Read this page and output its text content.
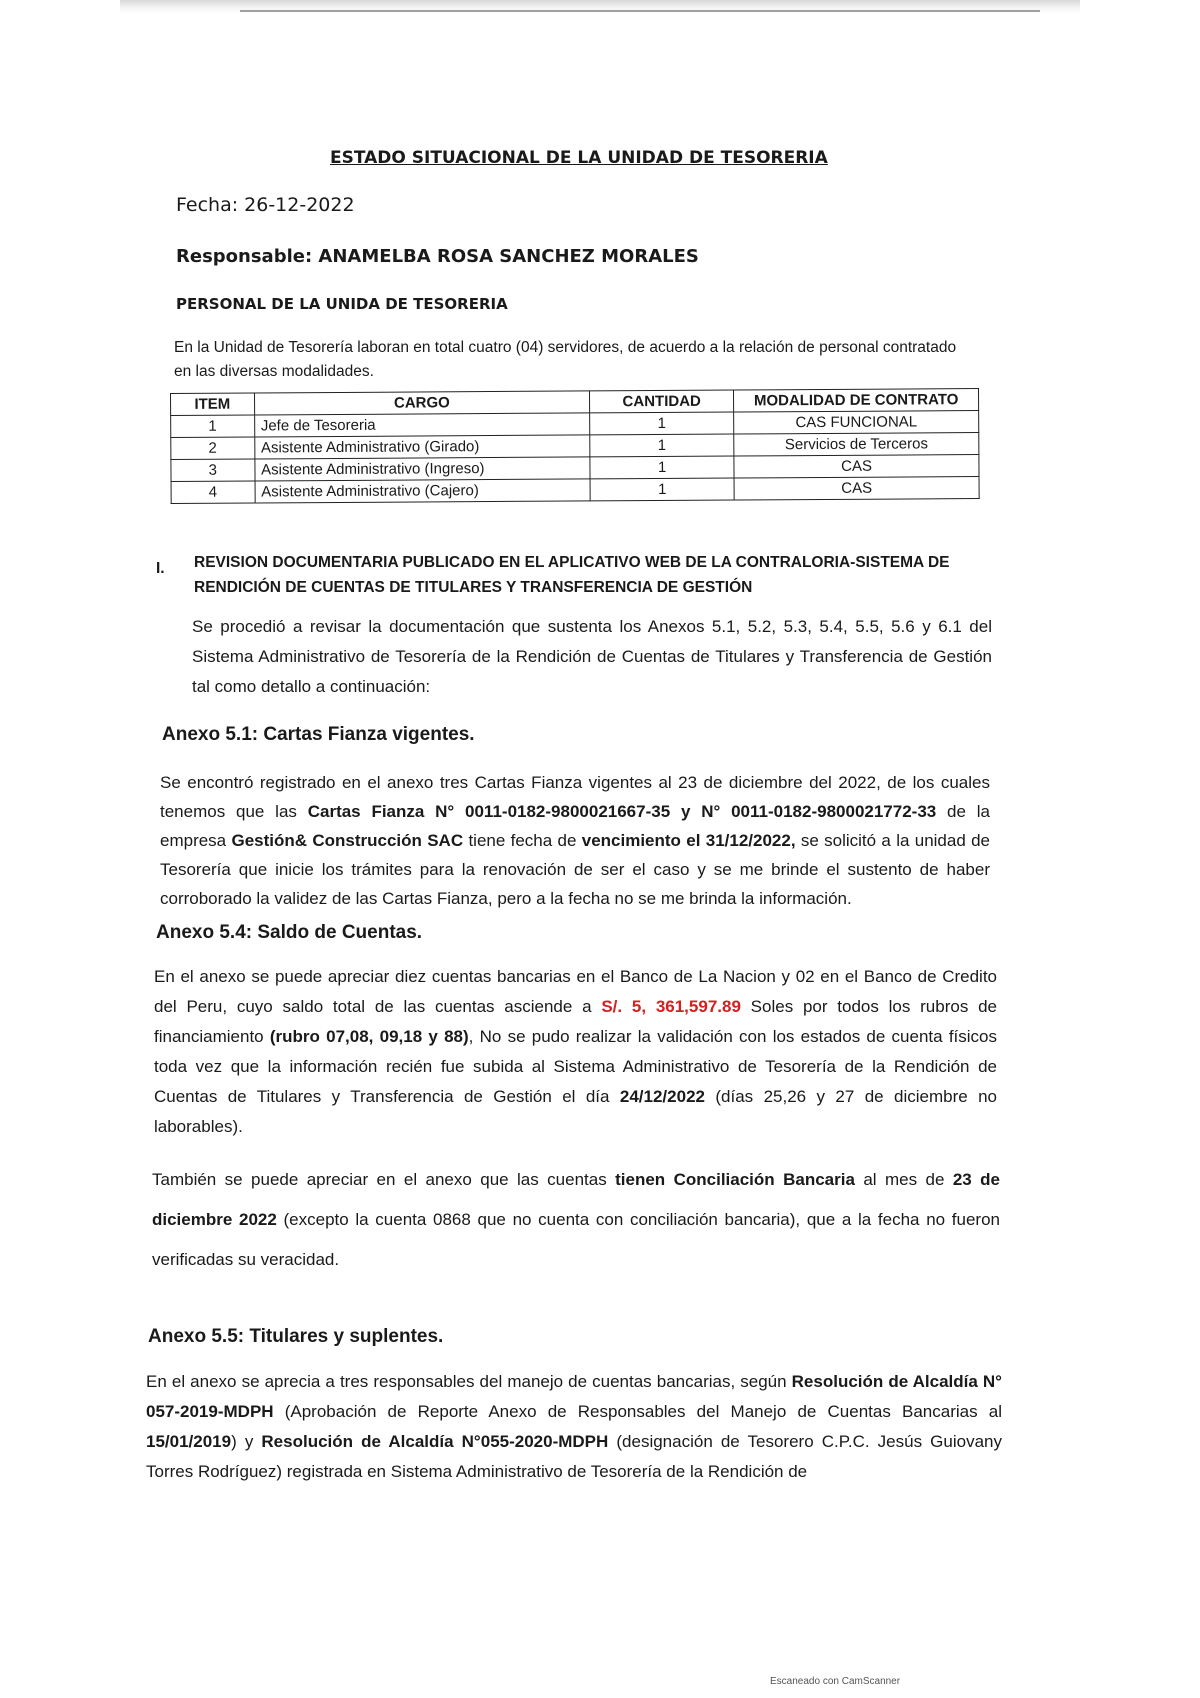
ESTADO SITUACIONAL DE LA UNIDAD DE TESORERIA
Fecha: 26-12-2022
Responsable: ANAMELBA ROSA SANCHEZ MORALES
PERSONAL DE LA UNIDA DE TESORERIA
En la Unidad de Tesorería laboran en total cuatro (04) servidores, de acuerdo a la relación de personal contratado en las diversas modalidades.
ITEM	CARGO	CANTIDAD	MODALIDAD DE CONTRATO
1	Jefe de Tesoreria	1	CAS FUNCIONAL
2	Asistente Administrativo (Girado)	1	Servicios de Terceros
3	Asistente Administrativo (Ingreso)	1	CAS
4	Asistente Administrativo (Cajero)	1	CAS
I. REVISION DOCUMENTARIA PUBLICADO EN EL APLICATIVO WEB DE LA CONTRALORIA-SISTEMA DE RENDICIÓN DE CUENTAS DE TITULARES Y TRANSFERENCIA DE GESTIÓN
Se procedió a revisar la documentación que sustenta los Anexos 5.1, 5.2, 5.3, 5.4, 5.5, 5.6 y 6.1 del Sistema Administrativo de Tesorería de la Rendición de Cuentas de Titulares y Transferencia de Gestión tal como detallo a continuación:
Anexo 5.1: Cartas Fianza vigentes.
Se encontró registrado en el anexo tres Cartas Fianza vigentes al 23 de diciembre del 2022, de los cuales tenemos que las Cartas Fianza N° 0011-0182-9800021667-35 y N° 0011-0182-9800021772-33 de la empresa Gestión& Construcción SAC tiene fecha de vencimiento el 31/12/2022, se solicitó a la unidad de Tesorería que inicie los trámites para la renovación de ser el caso y se me brinde el sustento de haber corroborado la validez de las Cartas Fianza, pero a la fecha no se me brinda la información.
Anexo 5.4: Saldo de Cuentas.
En el anexo se puede apreciar diez cuentas bancarias en el Banco de La Nacion y 02 en el Banco de Credito del Peru, cuyo saldo total de las cuentas asciende a S/. 5, 361,597.89 Soles por todos los rubros de financiamiento (rubro 07,08, 09,18 y 88), No se pudo realizar la validación con los estados de cuenta físicos toda vez que la información recién fue subida al Sistema Administrativo de Tesorería de la Rendición de Cuentas de Titulares y Transferencia de Gestión el día 24/12/2022 (días 25,26 y 27 de diciembre no laborables).
También se puede apreciar en el anexo que las cuentas tienen Conciliación Bancaria al mes de 23 de diciembre 2022 (excepto la cuenta 0868 que no cuenta con conciliación bancaria), que a la fecha no fueron verificadas su veracidad.
Anexo 5.5: Titulares y suplentes.
En el anexo se aprecia a tres responsables del manejo de cuentas bancarias, según Resolución de Alcaldía N° 057-2019-MDPH (Aprobación de Reporte Anexo de Responsables del Manejo de Cuentas Bancarias al 15/01/2019) y Resolución de Alcaldía N°055-2020-MDPH (designación de Tesorero C.P.C. Jesús Guiovany Torres Rodríguez) registrada en Sistema Administrativo de Tesorería de la Rendición de
Escaneado con CamScanner
